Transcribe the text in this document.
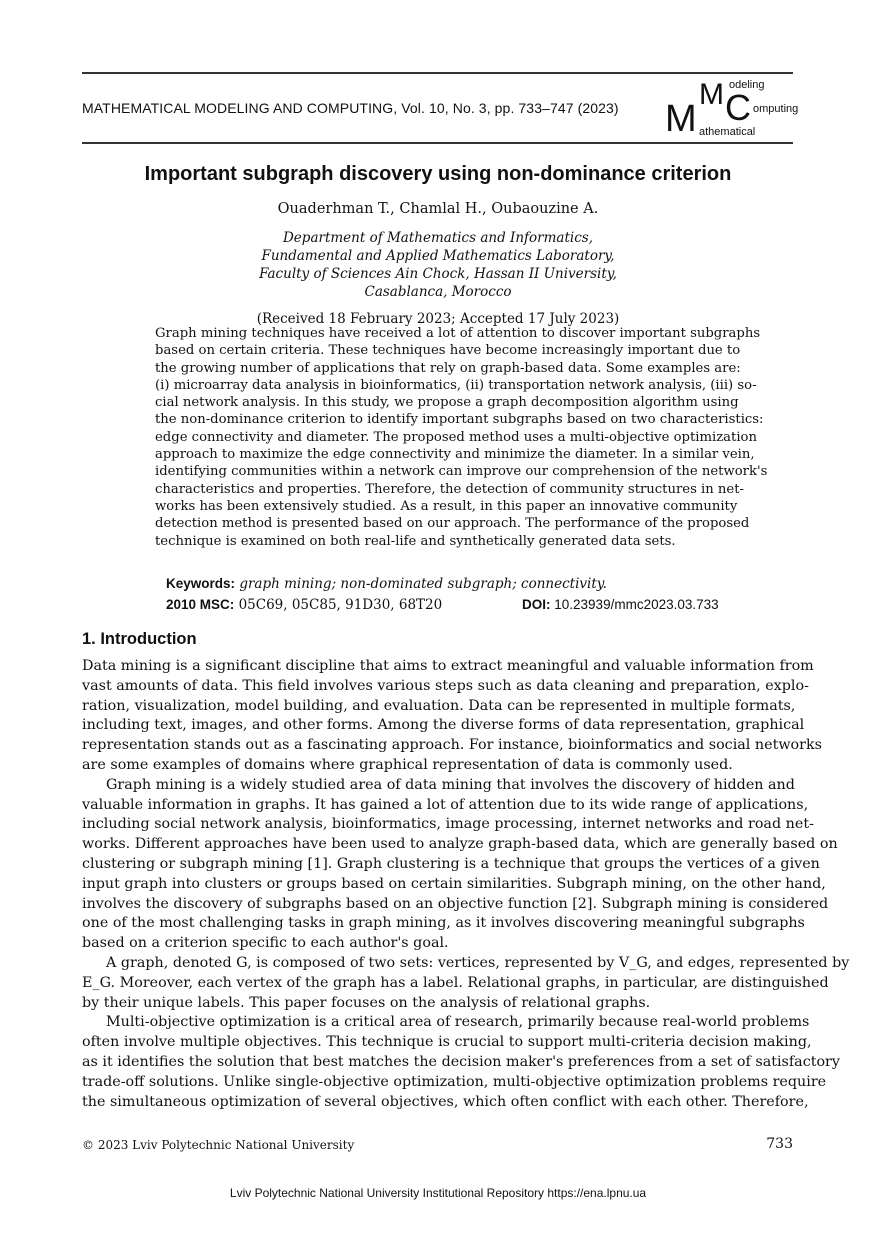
MATHEMATICAL MODELING AND COMPUTING, Vol. 10, No. 3, pp. 733–747 (2023) M
M C
odeling
omputing
athematical
Important subgraph discovery using non-dominance criterion
Ouaderhman T., Chamlal H., Oubaouzine A.
Department of Mathematics and Informatics,
Fundamental and Applied Mathematics Laboratory,
Faculty of Sciences Ain Chock, Hassan II University,
Casablanca, Morocco
(Received 18 February 2023; Accepted 17 July 2023)
Graph mining techniques have received a lot of attention to discover important subgraphs
based on certain criteria. These techniques have become increasingly important due to
the growing number of applications that rely on graph-based data. Some examples are:
(i) microarray data analysis in bioinformatics, (ii) transportation network analysis, (iii) so-
cial network analysis. In this study, we propose a graph decomposition algorithm using
the non-dominance criterion to identify important subgraphs based on two characteristics:
edge connectivity and diameter. The proposed method uses a multi-objective optimization
approach to maximize the edge connectivity and minimize the diameter. In a similar vein,
identifying communities within a network can improve our comprehension of the network's
characteristics and properties. Therefore, the detection of community structures in net-
works has been extensively studied. As a result, in this paper an innovative community
detection method is presented based on our approach. The performance of the proposed
technique is examined on both real-life and synthetically generated data sets.
Keywords: graph mining; non-dominated subgraph; connectivity.
2010 MSC: 05C69, 05C85, 91D30, 68T20	DOI: 10.23939/mmc2023.03.733
1. Introduction
Data mining is a significant discipline that aims to extract meaningful and valuable information from
vast amounts of data. This field involves various steps such as data cleaning and preparation, explo-
ration, visualization, model building, and evaluation. Data can be represented in multiple formats,
including text, images, and other forms. Among the diverse forms of data representation, graphical
representation stands out as a fascinating approach. For instance, bioinformatics and social networks
are some examples of domains where graphical representation of data is commonly used.
Graph mining is a widely studied area of data mining that involves the discovery of hidden and
valuable information in graphs. It has gained a lot of attention due to its wide range of applications,
including social network analysis, bioinformatics, image processing, internet networks and road net-
works. Different approaches have been used to analyze graph-based data, which are generally based on
clustering or subgraph mining [1]. Graph clustering is a technique that groups the vertices of a given
input graph into clusters or groups based on certain similarities. Subgraph mining, on the other hand,
involves the discovery of subgraphs based on an objective function [2]. Subgraph mining is considered
one of the most challenging tasks in graph mining, as it involves discovering meaningful subgraphs
based on a criterion specific to each author's goal.
A graph, denoted G, is composed of two sets: vertices, represented by V_G, and edges, represented by
E_G. Moreover, each vertex of the graph has a label. Relational graphs, in particular, are distinguished
by their unique labels. This paper focuses on the analysis of relational graphs.
Multi-objective optimization is a critical area of research, primarily because real-world problems
often involve multiple objectives. This technique is crucial to support multi-criteria decision making,
as it identifies the solution that best matches the decision maker's preferences from a set of satisfactory
trade-off solutions. Unlike single-objective optimization, multi-objective optimization problems require
the simultaneous optimization of several objectives, which often conflict with each other. Therefore,
© 2023 Lviv Polytechnic National University	733
Lviv Polytechnic National University Institutional Repository https://ena.lpnu.ua
